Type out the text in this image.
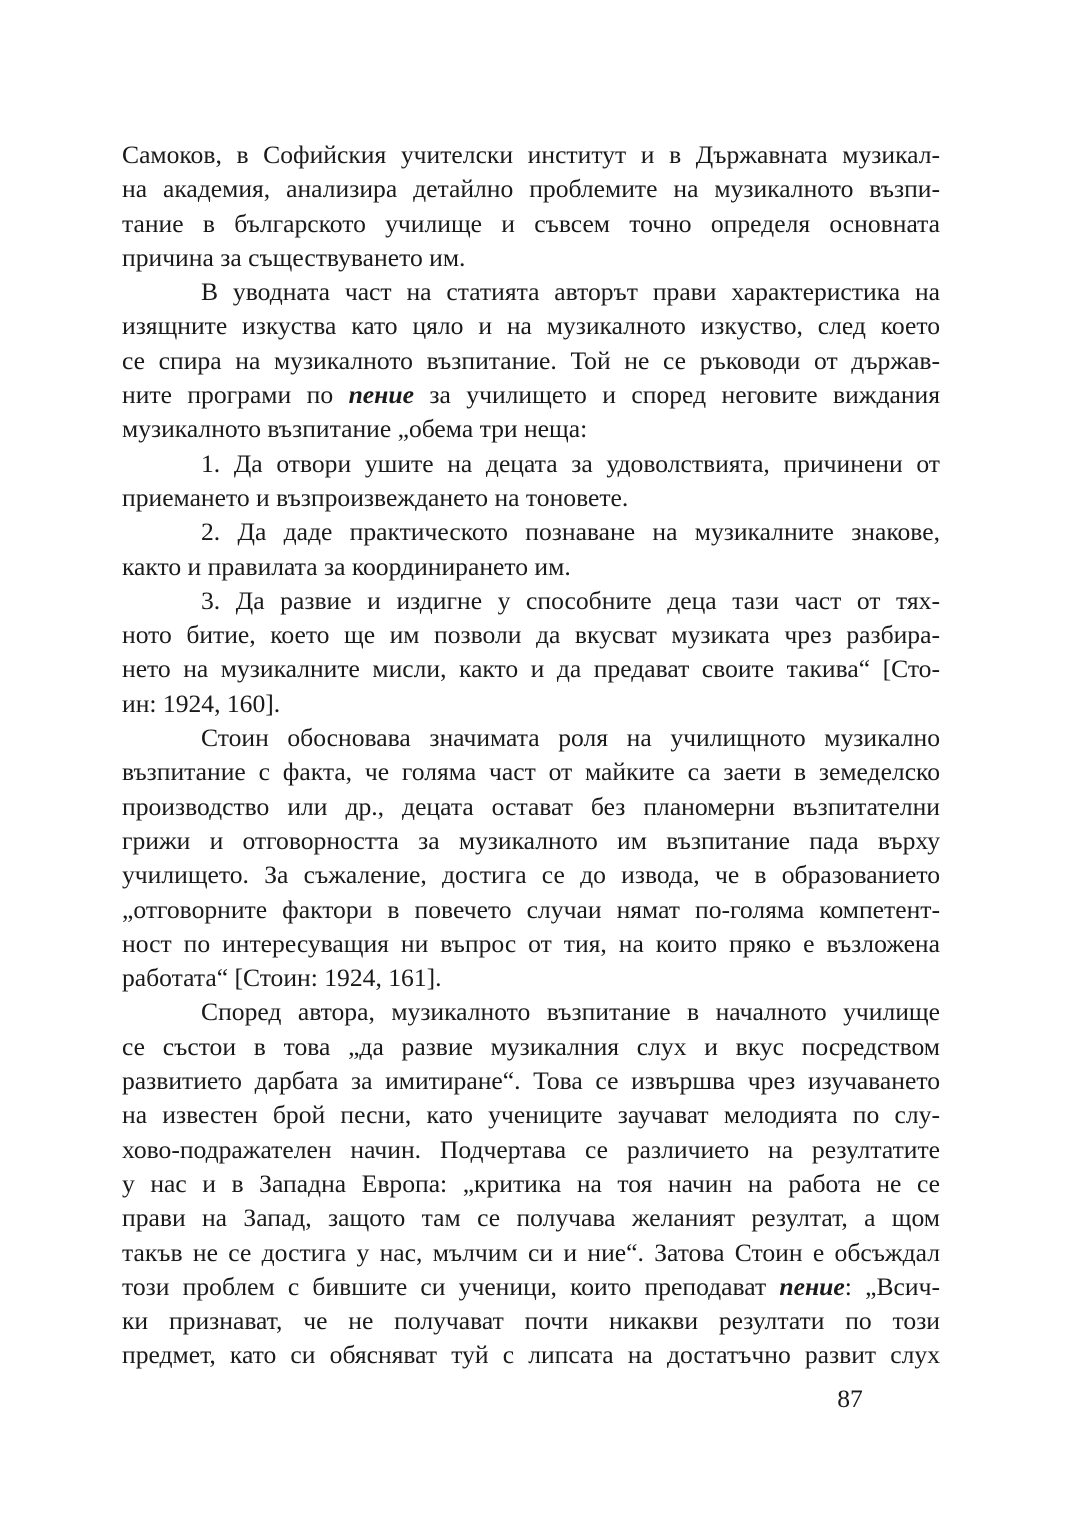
Самоков, в Софийския учителски институт и в Държавната музикал-
на академия, анализира детайлно проблемите на музикалното възпи-
тание в българското училище и съвсем точно определя основната
причина за съществуването им.
В уводната част на статията авторът прави характеристика на
изящните изкуства като цяло и на музикалното изкуство, след което
се спира на музикалното възпитание. Той не се ръководи от държав-
ните програми по пение за училището и според неговите виждания
музикалното възпитание „обема три неща:
1. Да отвори ушите на децата за удоволствията, причинени от
приемането и възпроизвеждането на тоновете.
2. Да даде практическото познаване на музикалните знакове,
както и правилата за координирането им.
3. Да развие и издигне у способните деца тази част от тях-
ното битие, което ще им позволи да вкусват музиката чрез разбира-
нето на музикалните мисли, както и да предават своите такива“ [Сто-
ин: 1924, 160].
Стоин обосновава значимата роля на училищното музикално
възпитание с факта, че голяма част от майките са заети в земеделско
производство или др., децата остават без планомерни възпитателни
грижи и отговорността за музикалното им възпитание пада върху
училището. За съжаление, достига се до извода, че в образованието
„отговорните фактори в повечето случаи нямат по-голяма компетент-
ност по интересуващия ни въпрос от тия, на които пряко е възложена
работата“ [Стоин: 1924, 161].
Според автора, музикалното възпитание в началното училище
се състои в това „да развие музикалния слух и вкус посредством
развитието дарбата за имитиране“. Това се извършва чрез изучаването
на известен брой песни, като учениците заучават мелодията по слу-
хово-подражателен начин. Подчертава се различието на резултатите
у нас и в Западна Европа: „критика на тоя начин на работа не се
прави на Запад, защото там се получава желаният резултат, а щом
такъв не се достига у нас, мълчим си и ние“. Затова Стоин е обсъждал
този проблем с бившите си ученици, които преподават пение: „Всич-
ки признават, че не получават почти никакви резултати по този
предмет, като си обясняват туй с липсата на достатъчно развит слух
87
